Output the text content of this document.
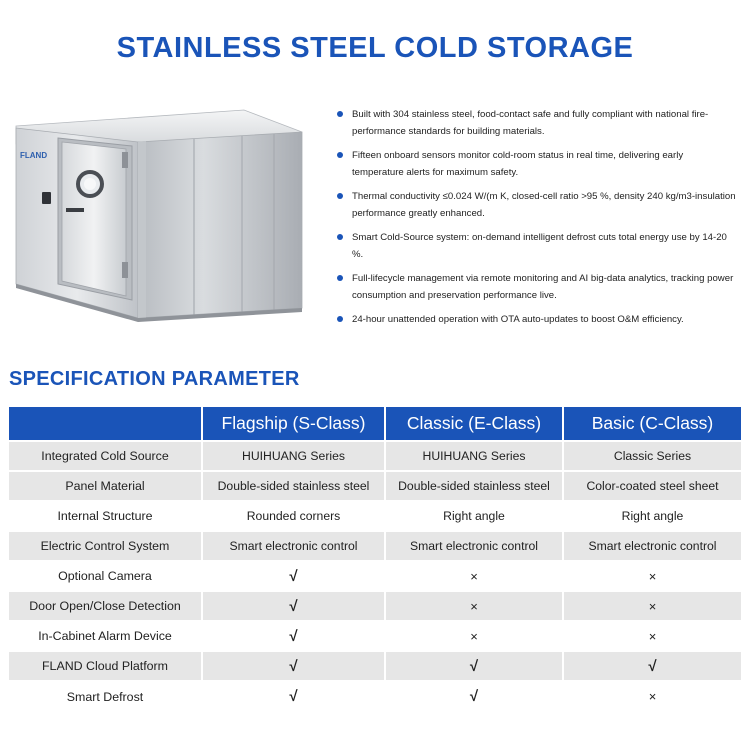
STAINLESS STEEL COLD STORAGE
FLAND
Built with 304 stainless steel, food-contact safe and fully compliant with national fire-performance standards for building materials.
Fifteen onboard sensors monitor cold-room status in real time, delivering early temperature alerts for maximum safety.
Thermal conductivity ≤0.024 W/(m K, closed-cell ratio >95 %, density 240 kg/m3-insulation performance greatly enhanced.
Smart Cold-Source system: on-demand intelligent defrost cuts total energy use by 14-20 %.
Full-lifecycle management via remote monitoring and AI big-data analytics, tracking power consumption and preservation performance live.
24-hour unattended operation with OTA auto-updates to boost O&M efficiency.
SPECIFICATION PARAMETER
	Flagship (S-Class)	Classic (E-Class)	Basic (C-Class)
Integrated Cold Source	HUIHUANG Series	HUIHUANG Series	Classic Series
Panel Material	Double-sided stainless steel	Double-sided stainless steel	Color-coated steel sheet
Internal Structure	Rounded corners	Right angle	Right angle
Electric Control System	Smart electronic control	Smart electronic control	Smart electronic control
Optional Camera	√	×	×
Door Open/Close Detection	√	×	×
In-Cabinet Alarm Device	√	×	×
FLAND Cloud Platform	√	√	√
Smart Defrost	√	√	×
